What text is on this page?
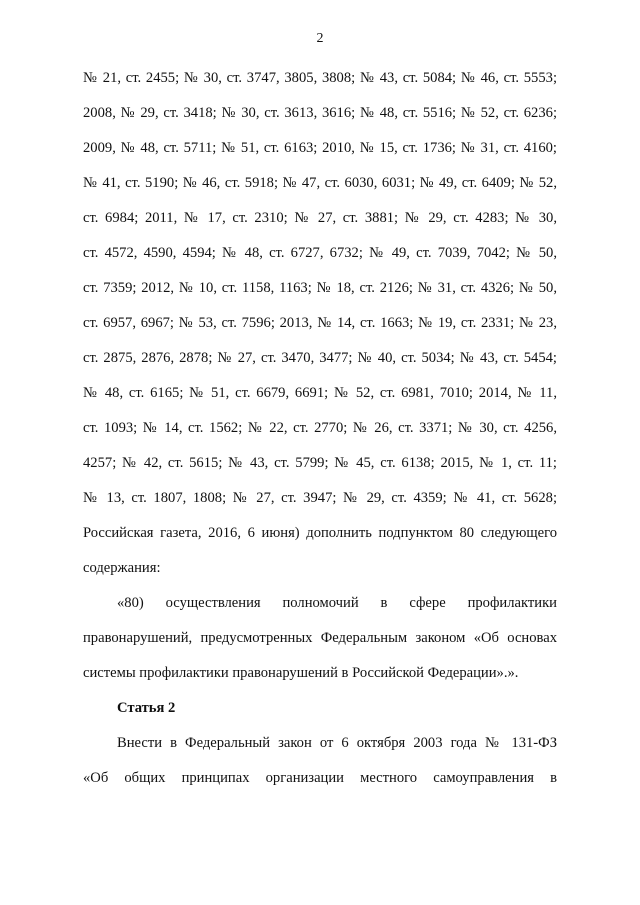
2
№ 21, ст. 2455; № 30, ст. 3747, 3805, 3808; № 43, ст. 5084; № 46, ст. 5553;
2008, № 29, ст. 3418; № 30, ст. 3613, 3616; № 48, ст. 5516; № 52, ст. 6236;
2009, № 48, ст. 5711; № 51, ст. 6163; 2010, № 15, ст. 1736; № 31, ст. 4160;
№ 41, ст. 5190; № 46, ст. 5918; № 47, ст. 6030, 6031; № 49, ст. 6409; № 52,
ст. 6984; 2011, № 17, ст. 2310; № 27, ст. 3881; № 29, ст. 4283; № 30,
ст. 4572, 4590, 4594; № 48, ст. 6727, 6732; № 49, ст. 7039, 7042; № 50,
ст. 7359; 2012, № 10, ст. 1158, 1163; № 18, ст. 2126; № 31, ст. 4326; № 50,
ст. 6957, 6967; № 53, ст. 7596; 2013, № 14, ст. 1663; № 19, ст. 2331; № 23,
ст. 2875, 2876, 2878; № 27, ст. 3470, 3477; № 40, ст. 5034; № 43, ст. 5454;
№ 48, ст. 6165; № 51, ст. 6679, 6691; № 52, ст. 6981, 7010; 2014, № 11,
ст. 1093; № 14, ст. 1562; № 22, ст. 2770; № 26, ст. 3371; № 30, ст. 4256,
4257; № 42, ст. 5615; № 43, ст. 5799; № 45, ст. 6138; 2015, № 1, ст. 11;
№ 13, ст. 1807, 1808; № 27, ст. 3947; № 29, ст. 4359; № 41, ст. 5628;
Российская газета, 2016, 6 июня) дополнить подпунктом 80 следующего
содержания:
«80) осуществления полномочий в сфере профилактики
правонарушений, предусмотренных Федеральным законом «Об основах
системы профилактики правонарушений в Российской Федерации».».
Статья 2
Внести в Федеральный закон от 6 октября 2003 года № 131-ФЗ
«Об общих принципах организации местного самоуправления в
